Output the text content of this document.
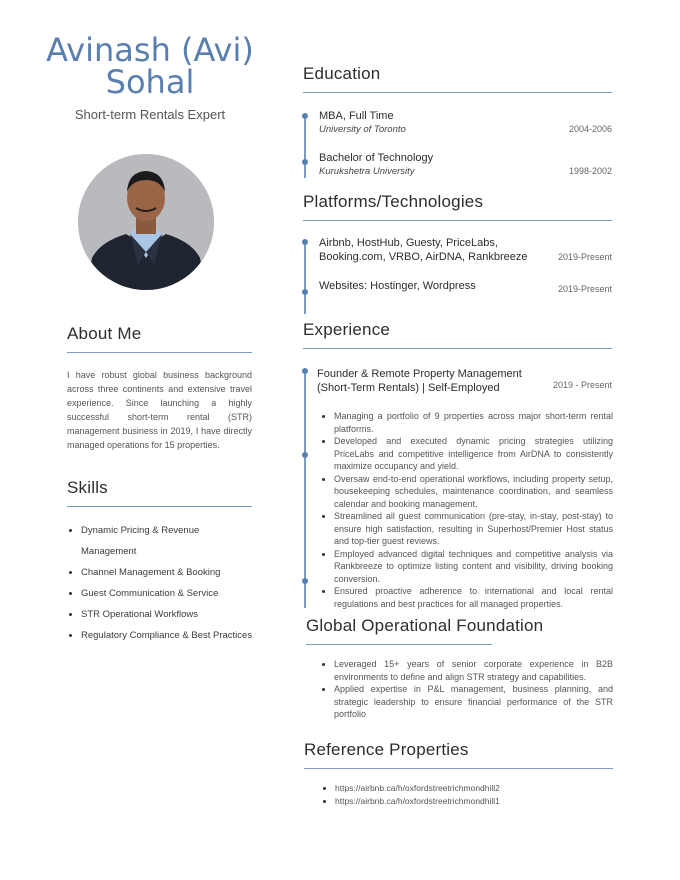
Avinash (Avi) Sohal
Short-term Rentals Expert
About Me
I have robust global business background across three continents and extensive travel experience. Since launching a highly successful short-term rental (STR) management business in 2019, I have directly managed operations for 15 properties.
Skills
Dynamic Pricing & Revenue Management
Channel Management & Booking
Guest Communication & Service
STR Operational Workflows
Regulatory Compliance & Best Practices
Education
MBA, Full Time
University of Toronto	2004-2006
Bachelor of Technology
Kurukshetra University	1998-2002
Platforms/Technologies
Airbnb, HostHub, Guesty, PriceLabs, Booking.com, VRBO, AirDNA, Rankbreeze	2019-Present
Websites: Hostinger, Wordpress	2019-Present
Experience
Founder & Remote Property Management (Short-Term Rentals) | Self-Employed	2019 - Present
Managing a portfolio of 9 properties across major short-term rental platforms.
Developed and executed dynamic pricing strategies utilizing PriceLabs and competitive intelligence from AirDNA to consistently maximize occupancy and yield.
Oversaw end-to-end operational workflows, including property setup, housekeeping schedules, maintenance coordination, and seamless calendar and booking management.
Streamlined all guest communication (pre-stay, in-stay, post-stay) to ensure high satisfaction, resulting in Superhost/Premier Host status and top-tier guest reviews.
Employed advanced digital techniques and competitive analysis via Rankbreeze to optimize listing content and visibility, driving booking conversion.
Ensured proactive adherence to international and local rental regulations and best practices for all managed properties.
Global Operational Foundation
Leveraged 15+ years of senior corporate experience in B2B environments to define and align STR strategy and capabilities.
Applied expertise in P&L management, business planning, and strategic leadership to ensure financial performance of the STR portfolio
Reference Properties
https://airbnb.ca/h/oxfordstreetrichmondhill2
https://airbnb.ca/h/oxfordstreetrichmondhill1
